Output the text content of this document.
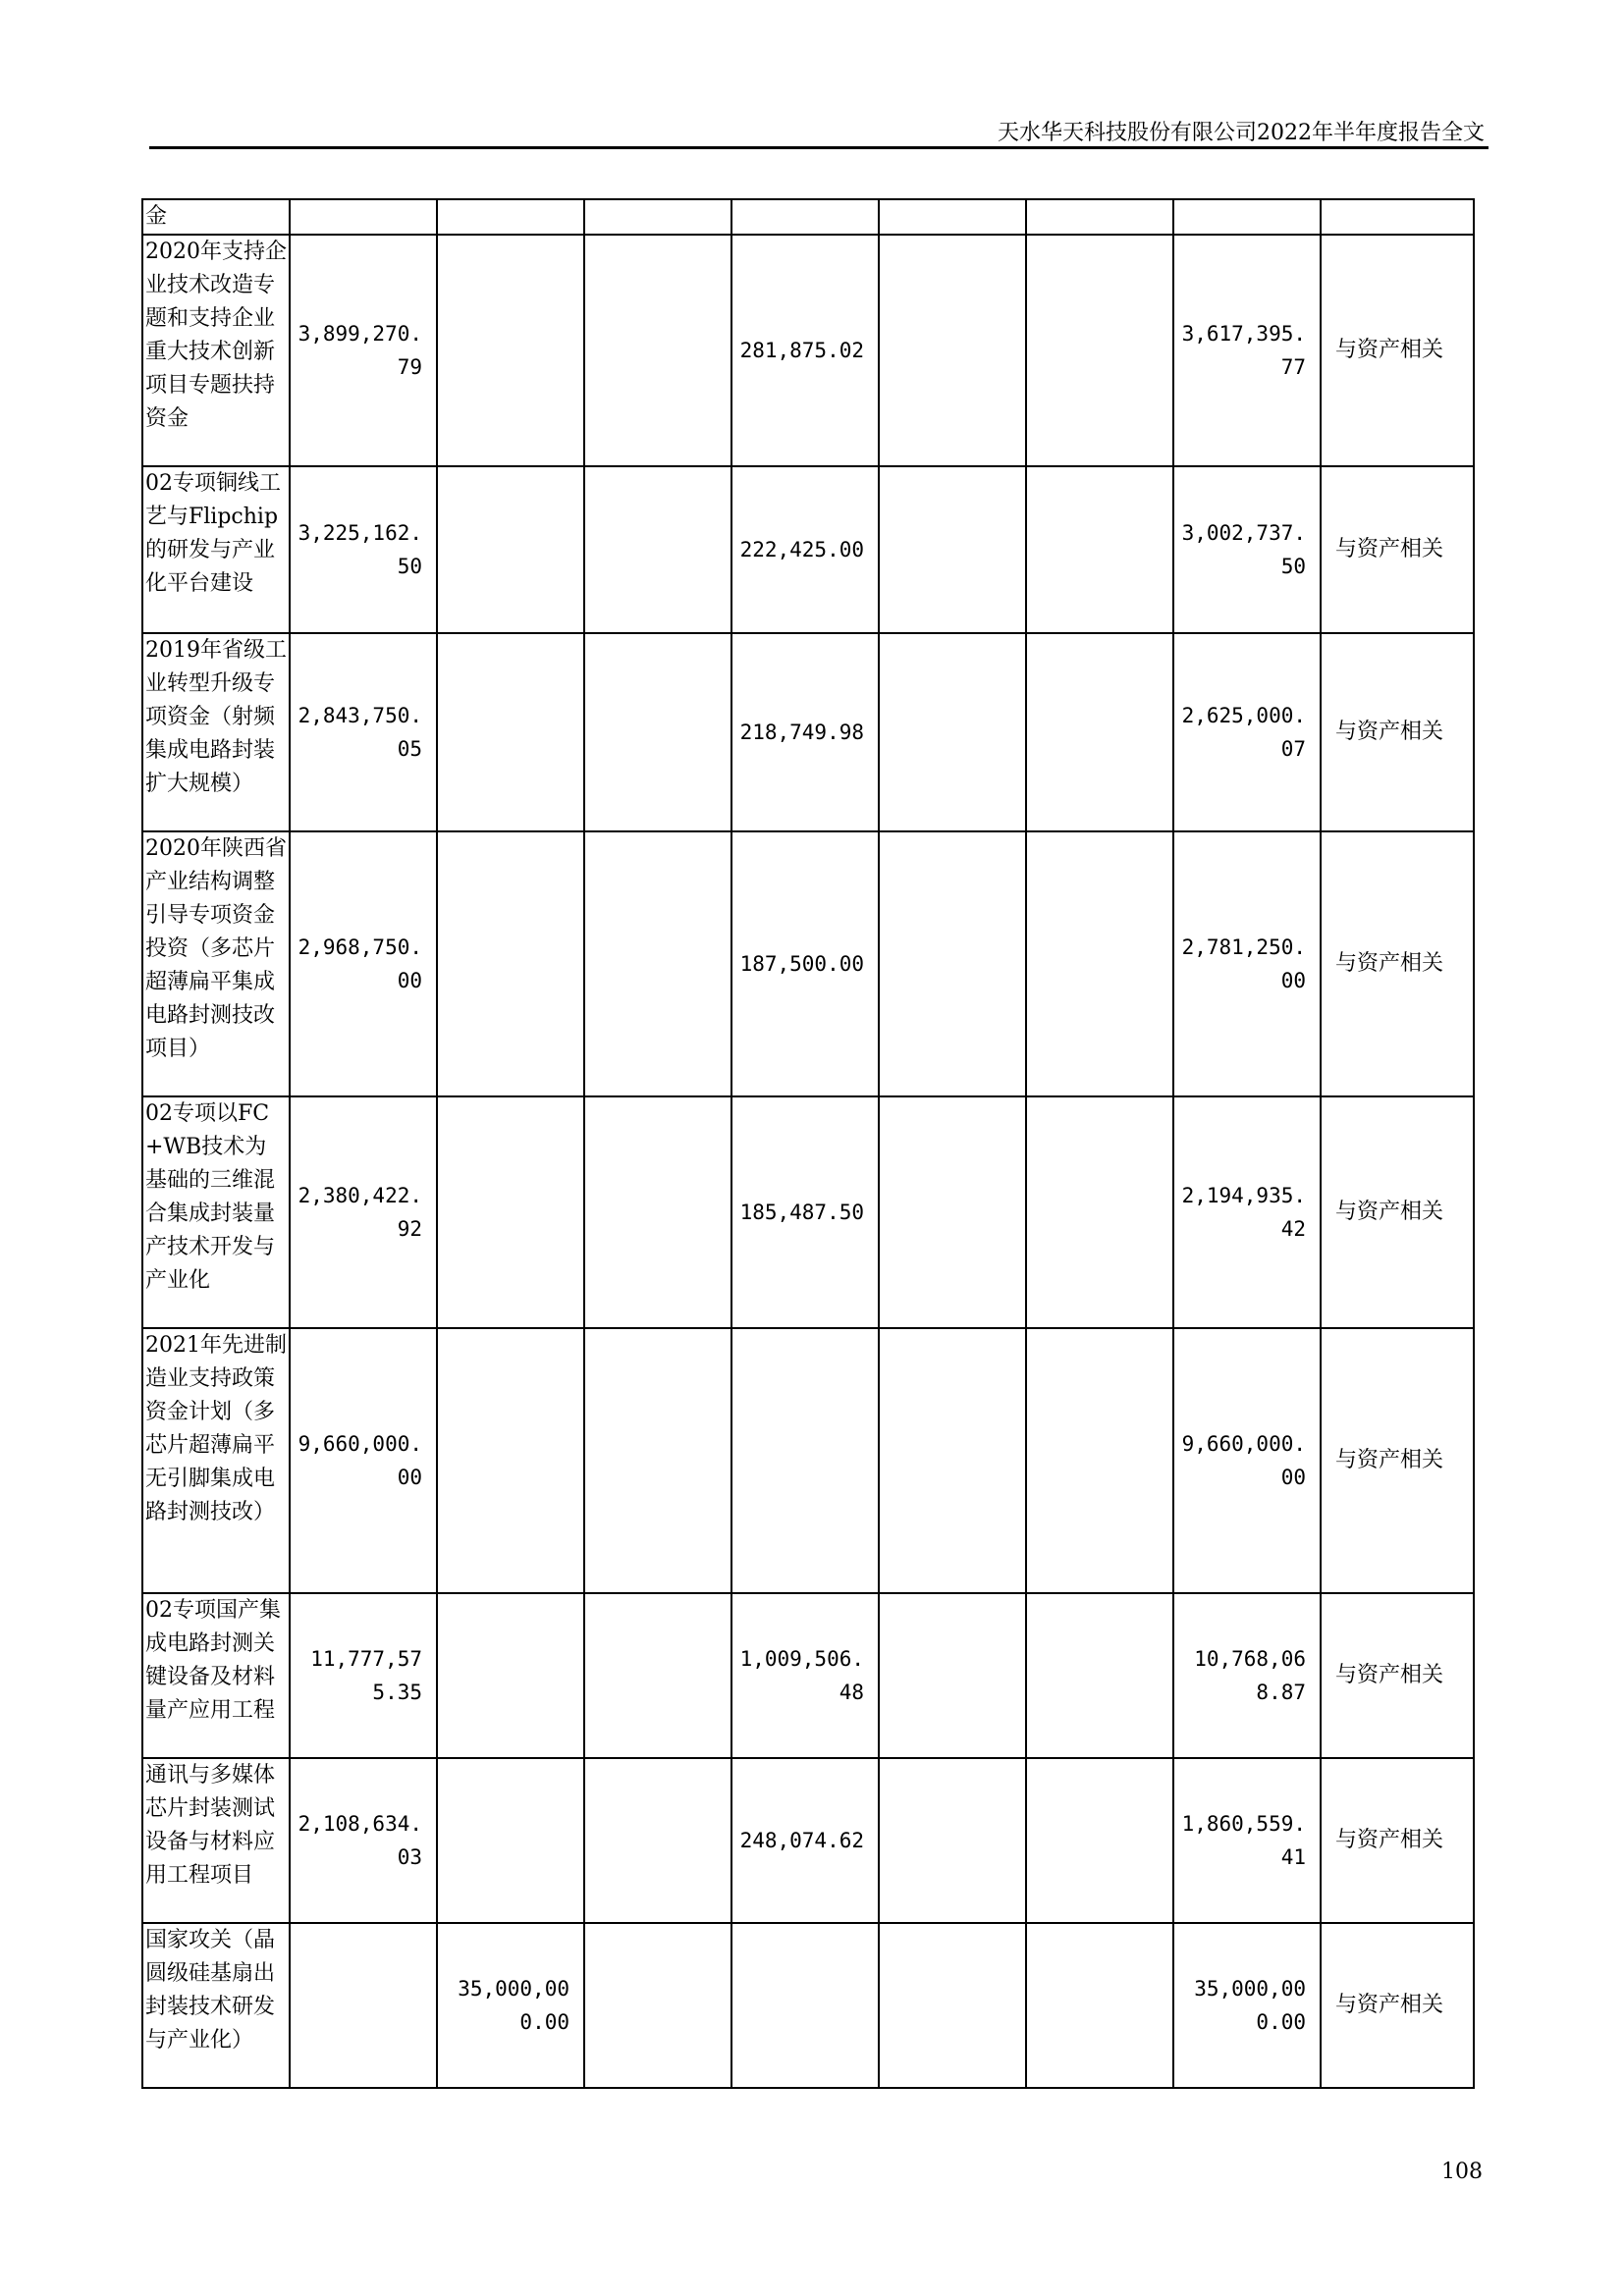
天水华天科技股份有限公司2022年半年度报告全文
金								
2020年支持企业技术改造专题和支持企业重大技术创新项目专题扶持资金	3,899,270.79			281,875.02			3,617,395.77	与资产相关
02专项铜线工艺与Flipchip的研发与产业化平台建设	3,225,162.50			222,425.00			3,002,737.50	与资产相关
2019年省级工业转型升级专项资金（射频集成电路封装扩大规模）	2,843,750.05			218,749.98			2,625,000.07	与资产相关
2020年陕西省产业结构调整引导专项资金投资（多芯片超薄扁平集成电路封测技改项目）	2,968,750.00			187,500.00			2,781,250.00	与资产相关
02专项以FC+WB技术为基础的三维混合集成封装量产技术开发与产业化	2,380,422.92			185,487.50			2,194,935.42	与资产相关
2021年先进制造业支持政策资金计划（多芯片超薄扁平无引脚集成电路封测技改）	9,660,000.00						9,660,000.00	与资产相关
02专项国产集成电路封测关键设备及材料量产应用工程	11,777,575.35			1,009,506.48			10,768,068.87	与资产相关
通讯与多媒体芯片封装测试设备与材料应用工程项目	2,108,634.03			248,074.62			1,860,559.41	与资产相关
国家攻关（晶圆级硅基扇出封装技术研发与产业化）		35,000,000.00					35,000,000.00	与资产相关
108
